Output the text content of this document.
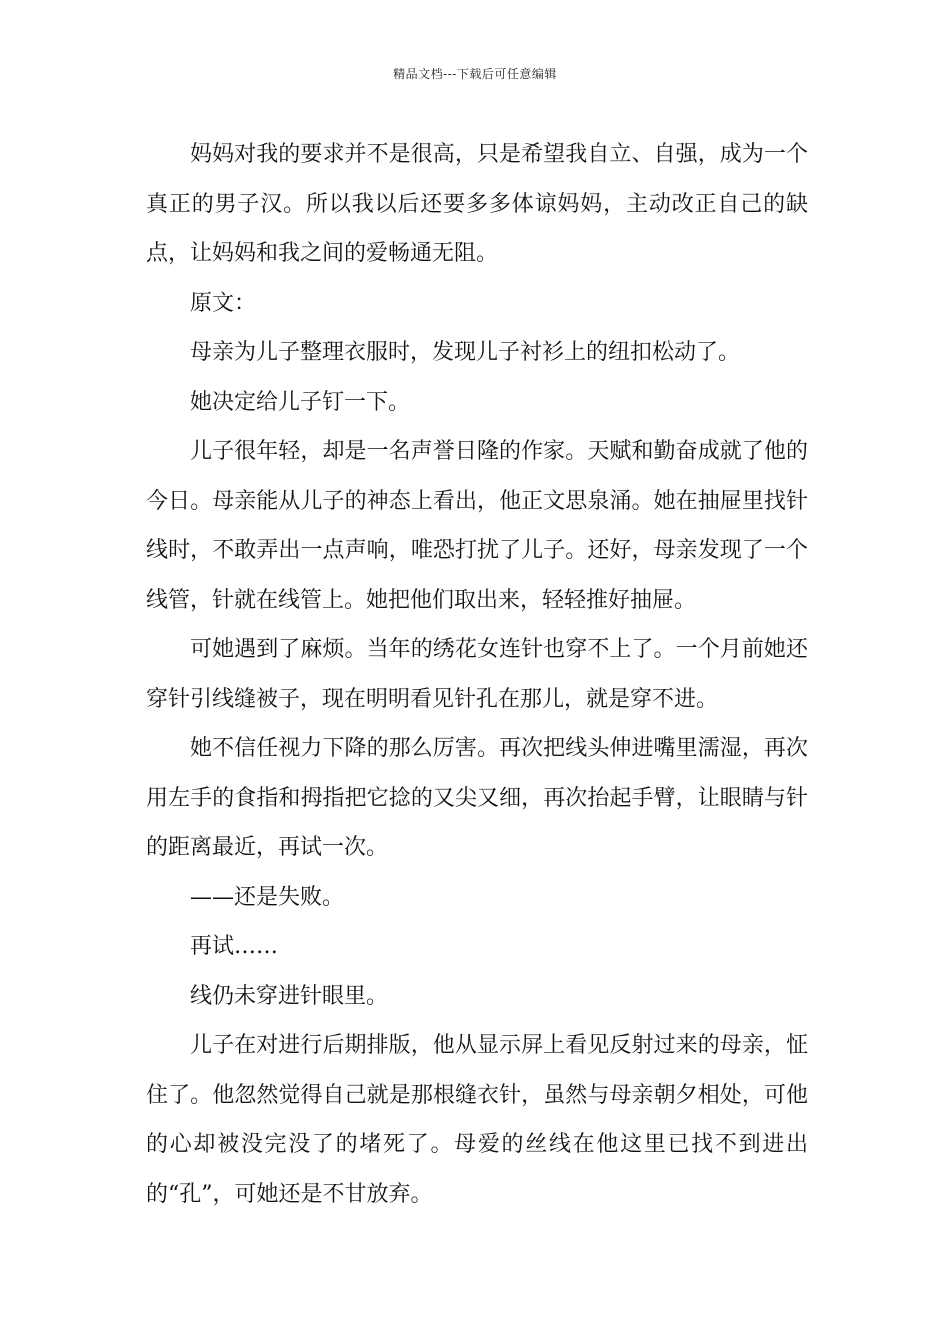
精品文档---下载后可任意编辑

妈妈对我的要求并不是很高，只是希望我自立、自强，成为一个真正的男子汉。所以我以后还要多多体谅妈妈，主动改正自己的缺点，让妈妈和我之间的爱畅通无阻。

原文：

母亲为儿子整理衣服时，发现儿子衬衫上的纽扣松动了。

她决定给儿子钉一下。

儿子很年轻，却是一名声誉日隆的作家。天赋和勤奋成就了他的今日。母亲能从儿子的神态上看出，他正文思泉涌。她在抽屉里找针线时，不敢弄出一点声响，唯恐打扰了儿子。还好，母亲发现了一个线管，针就在线管上。她把他们取出来，轻轻推好抽屉。

可她遇到了麻烦。当年的绣花女连针也穿不上了。一个月前她还穿针引线缝被子，现在明明看见针孔在那儿，就是穿不进。

她不信任视力下降的那么厉害。再次把线头伸进嘴里濡湿，再次用左手的食指和拇指把它捻的又尖又细，再次抬起手臂，让眼睛与针的距离最近，再试一次。

——还是失败。

再试……

线仍未穿进针眼里。

儿子在对进行后期排版，他从显示屏上看见反射过来的母亲，怔住了。他忽然觉得自己就是那根缝衣针，虽然与母亲朝夕相处，可他的心却被没完没了的堵死了。母爱的丝线在他这里已找不到进出的“孔”，可她还是不甘放弃。
